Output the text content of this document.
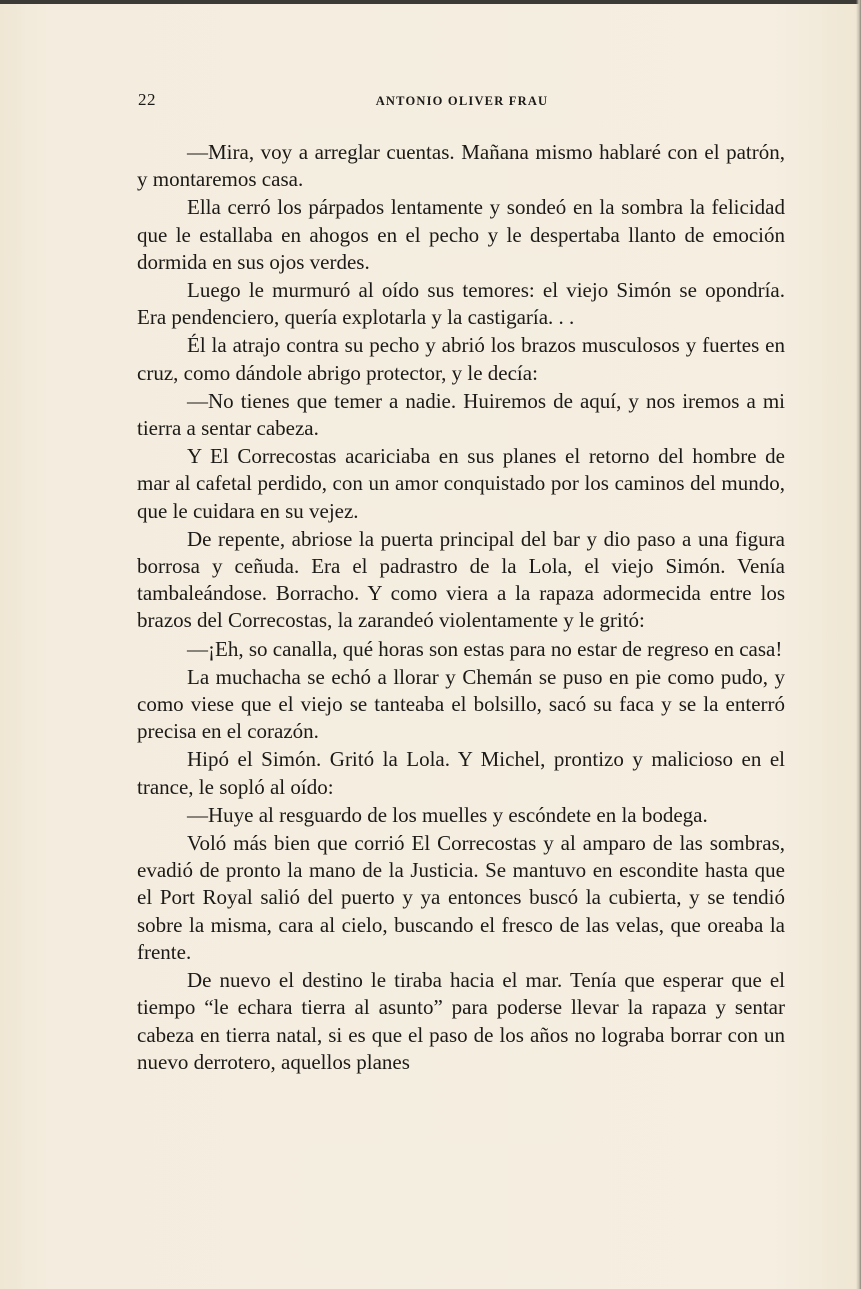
22	ANTONIO OLIVER FRAU

—Mira, voy a arreglar cuentas. Mañana mismo hablaré con el patrón, y montaremos casa.

Ella cerró los párpados lentamente y sondeó en la sombra la felicidad que le estallaba en ahogos en el pecho y le despertaba llanto de emoción dormida en sus ojos verdes.

Luego le murmuró al oído sus temores: el viejo Simón se opondría. Era pendenciero, quería explotarla y la castigaría. . .

Él la atrajo contra su pecho y abrió los brazos musculosos y fuertes en cruz, como dándole abrigo protector, y le decía:

—No tienes que temer a nadie. Huiremos de aquí, y nos iremos a mi tierra a sentar cabeza.

Y El Correcostas acariciaba en sus planes el retorno del hombre de mar al cafetal perdido, con un amor conquistado por los caminos del mundo, que le cuidara en su vejez.

De repente, abriose la puerta principal del bar y dio paso a una figura borrosa y ceñuda. Era el padrastro de la Lola, el viejo Simón. Venía tambaleándose. Borracho. Y como viera a la rapaza adormecida entre los brazos del Correcostas, la zarandeó violentamente y le gritó:

—¡Eh, so canalla, qué horas son estas para no estar de regreso en casa!

La muchacha se echó a llorar y Chemán se puso en pie como pudo, y como viese que el viejo se tanteaba el bolsillo, sacó su faca y se la enterró precisa en el corazón.

Hipó el Simón. Gritó la Lola. Y Michel, prontizo y malicioso en el trance, le sopló al oído:

—Huye al resguardo de los muelles y escóndete en la bodega.

Voló más bien que corrió El Correcostas y al amparo de las sombras, evadió de pronto la mano de la Justicia. Se mantuvo en escondite hasta que el Port Royal salió del puerto y ya entonces buscó la cubierta, y se tendió sobre la misma, cara al cielo, buscando el fresco de las velas, que oreaba la frente.

De nuevo el destino le tiraba hacia el mar. Tenía que esperar que el tiempo “le echara tierra al asunto” para poderse llevar la rapaza y sentar cabeza en tierra natal, si es que el paso de los años no lograba borrar con un nuevo derrotero, aquellos planes
